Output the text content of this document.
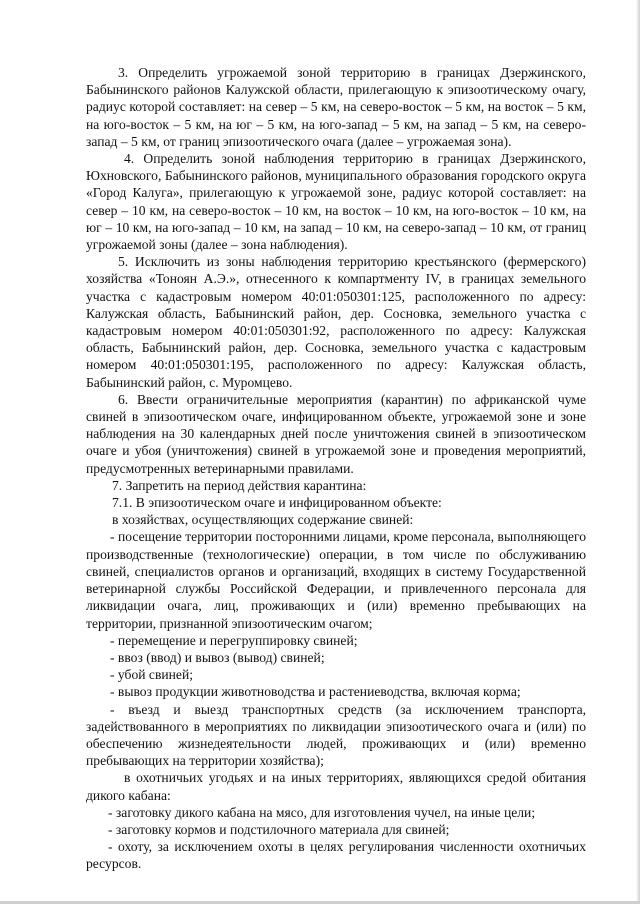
3. Определить угрожаемой зоной территорию в границах Дзержинского, Бабынинского районов Калужской области, прилегающую к эпизоотическому очагу, радиус которой составляет: на север – 5 км, на северо-восток – 5 км, на восток – 5 км, на юго-восток – 5 км, на юг – 5 км, на юго-запад – 5 км, на запад – 5 км, на северо-запад – 5 км, от границ эпизоотического очага (далее – угрожаемая зона).

4. Определить зоной наблюдения территорию в границах Дзержинского, Юхновского, Бабынинского районов, муниципального образования городского округа «Город Калуга», прилегающую к угрожаемой зоне, радиус которой составляет: на север – 10 км, на северо-восток – 10 км, на восток – 10 км, на юго-восток – 10 км, на юг – 10 км, на юго-запад – 10 км, на запад – 10 км, на северо-запад – 10 км, от границ угрожаемой зоны (далее – зона наблюдения).

5. Исключить из зоны наблюдения территорию крестьянского (фермерского) хозяйства «Тоноян А.Э.», отнесенного к компартменту IV, в границах земельного участка с кадастровым номером 40:01:050301:125, расположенного по адресу: Калужская область, Бабынинский район, дер. Сосновка, земельного участка с кадастровым номером 40:01:050301:92, расположенного по адресу: Калужская область, Бабынинский район, дер. Сосновка, земельного участка с кадастровым номером 40:01:050301:195, расположенного по адресу: Калужская область, Бабынинский район, с. Муромцево.

6. Ввести ограничительные мероприятия (карантин) по африканской чуме свиней в эпизоотическом очаге, инфицированном объекте, угрожаемой зоне и зоне наблюдения на 30 календарных дней после уничтожения свиней в эпизоотическом очаге и убоя (уничтожения) свиней в угрожаемой зоне и проведения мероприятий, предусмотренных ветеринарными правилами.

7. Запретить на период действия карантина:

7.1. В эпизоотическом очаге и инфицированном объекте:

в хозяйствах, осуществляющих содержание свиней:

- посещение территории посторонними лицами, кроме персонала, выполняющего производственные (технологические) операции, в том числе по обслуживанию свиней, специалистов органов и организаций, входящих в систему Государственной ветеринарной службы Российской Федерации, и привлеченного персонала для ликвидации очага, лиц, проживающих и (или) временно пребывающих на территории, признанной эпизоотическим очагом;

- перемещение и перегруппировку свиней;

- ввоз (ввод) и вывоз (вывод) свиней;

- убой свиней;

- вывоз продукции животноводства и растениеводства, включая корма;

- въезд и выезд транспортных средств (за исключением транспорта, задействованного в мероприятиях по ликвидации эпизоотического очага и (или) по обеспечению жизнедеятельности людей, проживающих и (или) временно пребывающих на территории хозяйства);

в охотничьих угодьях и на иных территориях, являющихся средой обитания дикого кабана:

- заготовку дикого кабана на мясо, для изготовления чучел, на иные цели;

- заготовку кормов и подстилочного материала для свиней;

- охоту, за исключением охоты в целях регулирования численности охотничьих ресурсов.
